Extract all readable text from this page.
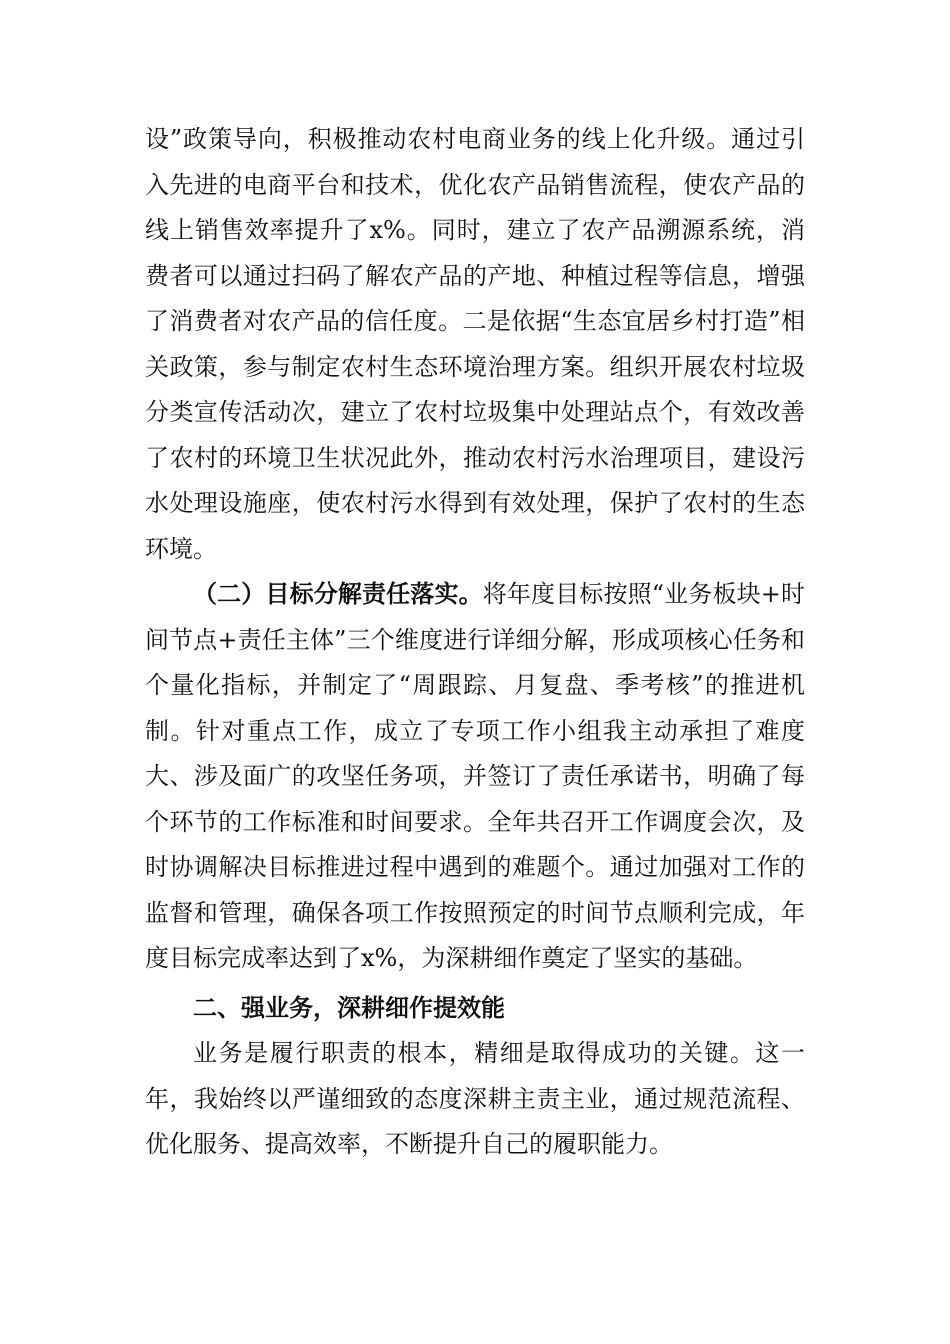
设”政策导向，积极推动农村电商业务的线上化升级。通过引入先进的电商平台和技术，优化农产品销售流程，使农产品的线上销售效率提升了x%。同时，建立了农产品溯源系统，消费者可以通过扫码了解农产品的产地、种植过程等信息，增强了消费者对农产品的信任度。二是依据“生态宜居乡村打造”相关政策，参与制定农村生态环境治理方案。组织开展农村垃圾分类宣传活动次，建立了农村垃圾集中处理站点个，有效改善了农村的环境卫生状况此外，推动农村污水治理项目，建设污水处理设施座，使农村污水得到有效处理，保护了农村的生态环境。

（二）目标分解责任落实。将年度目标按照“业务板块+时间节点+责任主体”三个维度进行详细分解，形成项核心任务和个量化指标，并制定了“周跟踪、月复盘、季考核”的推进机制。针对重点工作，成立了专项工作小组我主动承担了难度大、涉及面广的攻坚任务项，并签订了责任承诺书，明确了每个环节的工作标准和时间要求。全年共召开工作调度会次，及时协调解决目标推进过程中遇到的难题个。通过加强对工作的监督和管理，确保各项工作按照预定的时间节点顺利完成，年度目标完成率达到了x%，为深耕细作奠定了坚实的基础。

二、强业务，深耕细作提效能

业务是履行职责的根本，精细是取得成功的关键。这一年，我始终以严谨细致的态度深耕主责主业，通过规范流程、优化服务、提高效率，不断提升自己的履职能力。
